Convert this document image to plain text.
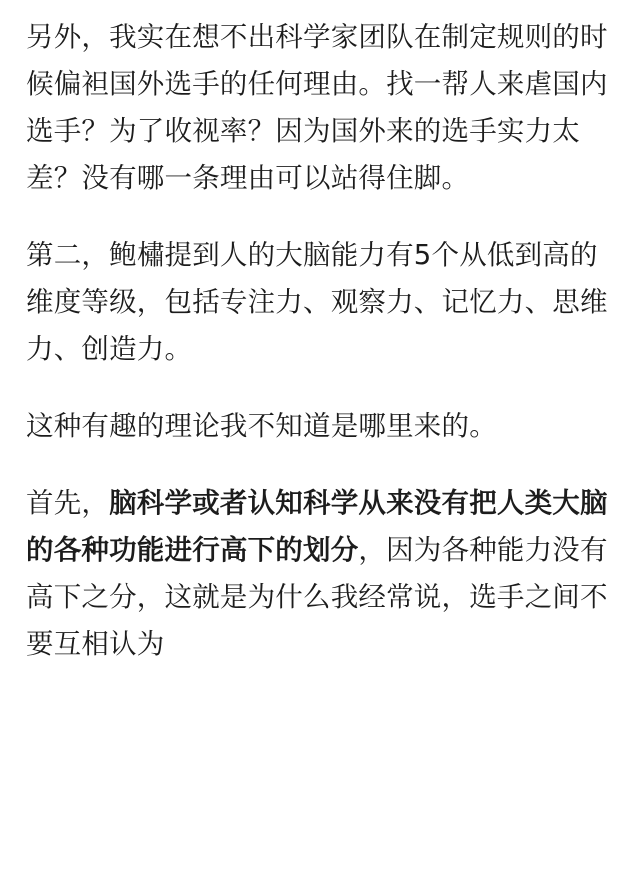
另外，我实在想不出科学家团队在制定规则的时候偏袒国外选手的任何理由。找一帮人来虐国内选手？为了收视率？因为国外来的选手实力太差？没有哪一条理由可以站得住脚。

第二，鲍橚提到人的大脑能力有5个从低到高的维度等级，包括专注力、观察力、记忆力、思维力、创造力。

这种有趣的理论我不知道是哪里来的。

首先，脑科学或者认知科学从来没有把人类大脑的各种功能进行高下的划分，因为各种能力没有高下之分，这就是为什么我经常说，选手之间不要互相认为
